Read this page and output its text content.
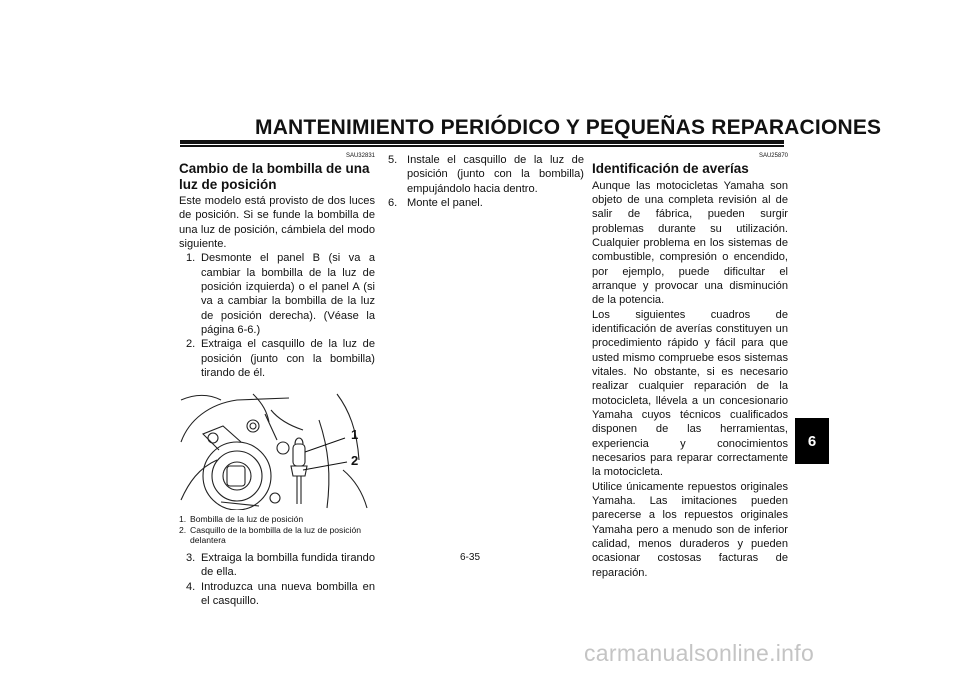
MANTENIMIENTO PERIÓDICO Y PEQUEÑAS REPARACIONES
6
SAU32831
Cambio de la bombilla de una luz de posición

Este modelo está provisto de dos luces de posición. Si se funde la bombilla de una luz de posición, cámbiela del modo siguiente.

1. Desmonte el panel B (si va a cambiar la bombilla de la luz de posición izquierda) o el panel A (si va a cambiar la bombilla de la luz de posición derecha). (Véase la página 6-6.)
2. Extraiga el casquillo de la luz de posición (junto con la bombilla) tirando de él.
1
2
1. Bombilla de la luz de posición
2. Casquillo de la bombilla de la luz de posición delantera
3. Extraiga la bombilla fundida tirando de ella.
4. Introduzca una nueva bombilla en el casquillo.
5. Instale el casquillo de la luz de posición (junto con la bombilla) empujándolo hacia dentro.
6. Monte el panel.
SAU25870
Identificación de averías

Aunque las motocicletas Yamaha son objeto de una completa revisión al de salir de fábrica, pueden surgir problemas durante su utilización. Cualquier problema en los sistemas de combustible, compresión o encendido, por ejemplo, puede dificultar el arranque y provocar una disminución de la potencia.

Los siguientes cuadros de identificación de averías constituyen un procedimiento rápido y fácil para que usted mismo compruebe esos sistemas vitales. No obstante, si es necesario realizar cualquier reparación de la motocicleta, llévela a un concesionario Yamaha cuyos técnicos cualificados disponen de las herramientas, experiencia y conocimientos necesarios para reparar correctamente la motocicleta.

Utilice únicamente repuestos originales Yamaha. Las imitaciones pueden parecerse a los repuestos originales Yamaha pero a menudo son de inferior calidad, menos duraderos y pueden ocasionar costosas facturas de reparación.

6-35
carmanualsonline.info
